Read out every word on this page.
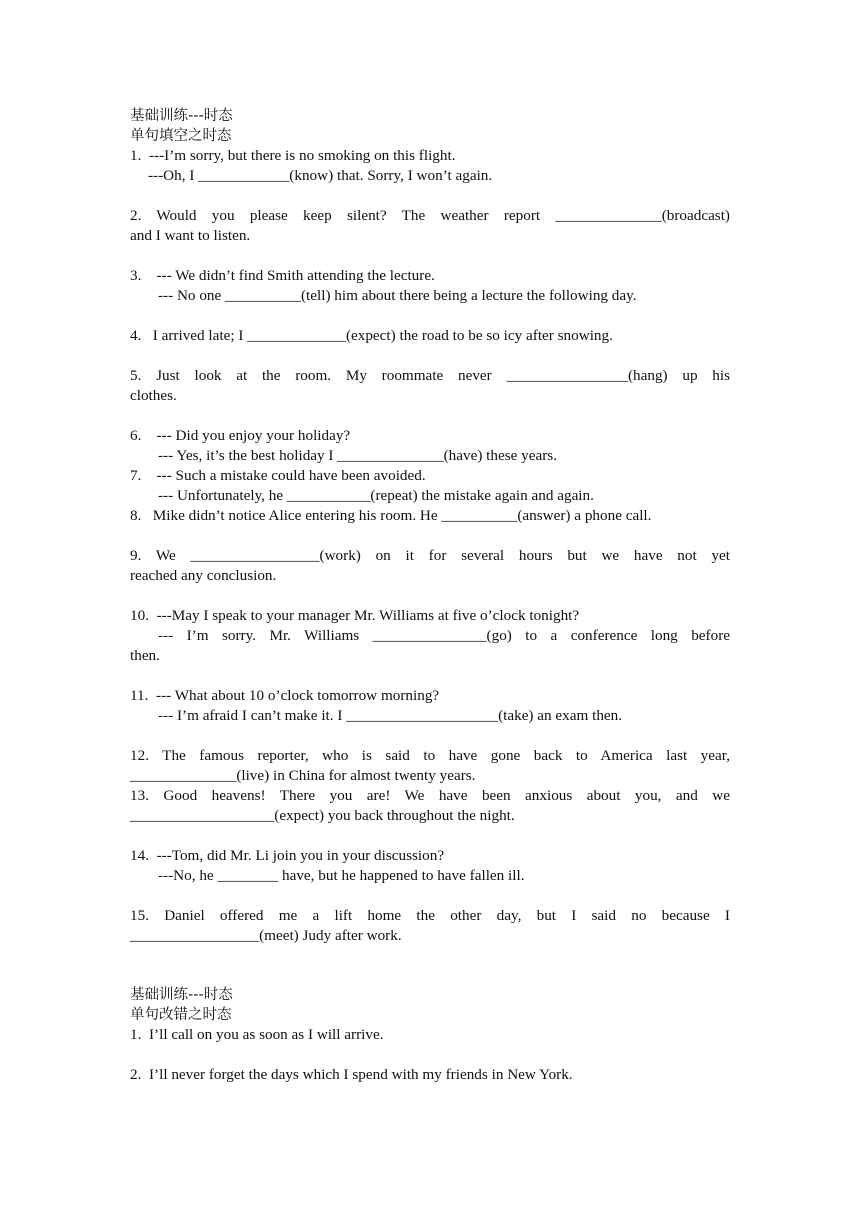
基础训练---时态
单句填空之时态
1.  ---I’m sorry, but there is no smoking on this flight.
---Oh, I ____________(know) that. Sorry, I won’t again.
2. Would you please keep silent? The weather report ______________(broadcast)
and I want to listen.
3.    --- We didn’t find Smith attending the lecture.
--- No one __________(tell) him about there being a lecture the following day.
4.   I arrived late; I _____________(expect) the road to be so icy after snowing.
5. Just look at the room. My roommate never ________________(hang) up his
clothes.
6.    --- Did you enjoy your holiday?
--- Yes, it’s the best holiday I ______________(have) these years.
7.    --- Such a mistake could have been avoided.
--- Unfortunately, he ___________(repeat) the mistake again and again.
8.   Mike didn’t notice Alice entering his room. He __________(answer) a phone call.
9. We _________________(work) on it for several hours but we have not yet
reached any conclusion.
10.  ---May I speak to your manager Mr. Williams at five o’clock tonight?
--- I’m sorry. Mr. Williams _______________(go) to a conference long before
then.
11.  --- What about 10 o’clock tomorrow morning?
--- I’m afraid I can’t make it. I ____________________(take) an exam then.
12. The famous reporter, who is said to have gone back to America last year,
______________(live) in China for almost twenty years.
13. Good heavens! There you are! We have been anxious about you, and we
___________________(expect) you back throughout the night.
14.  ---Tom, did Mr. Li join you in your discussion?
---No, he ________ have, but he happened to have fallen ill.
15. Daniel offered me a lift home the other day, but I said no because I
_________________(meet) Judy after work.
基础训练---时态
单句改错之时态
1.  I’ll call on you as soon as I will arrive.
2.  I’ll never forget the days which I spend with my friends in New York.
